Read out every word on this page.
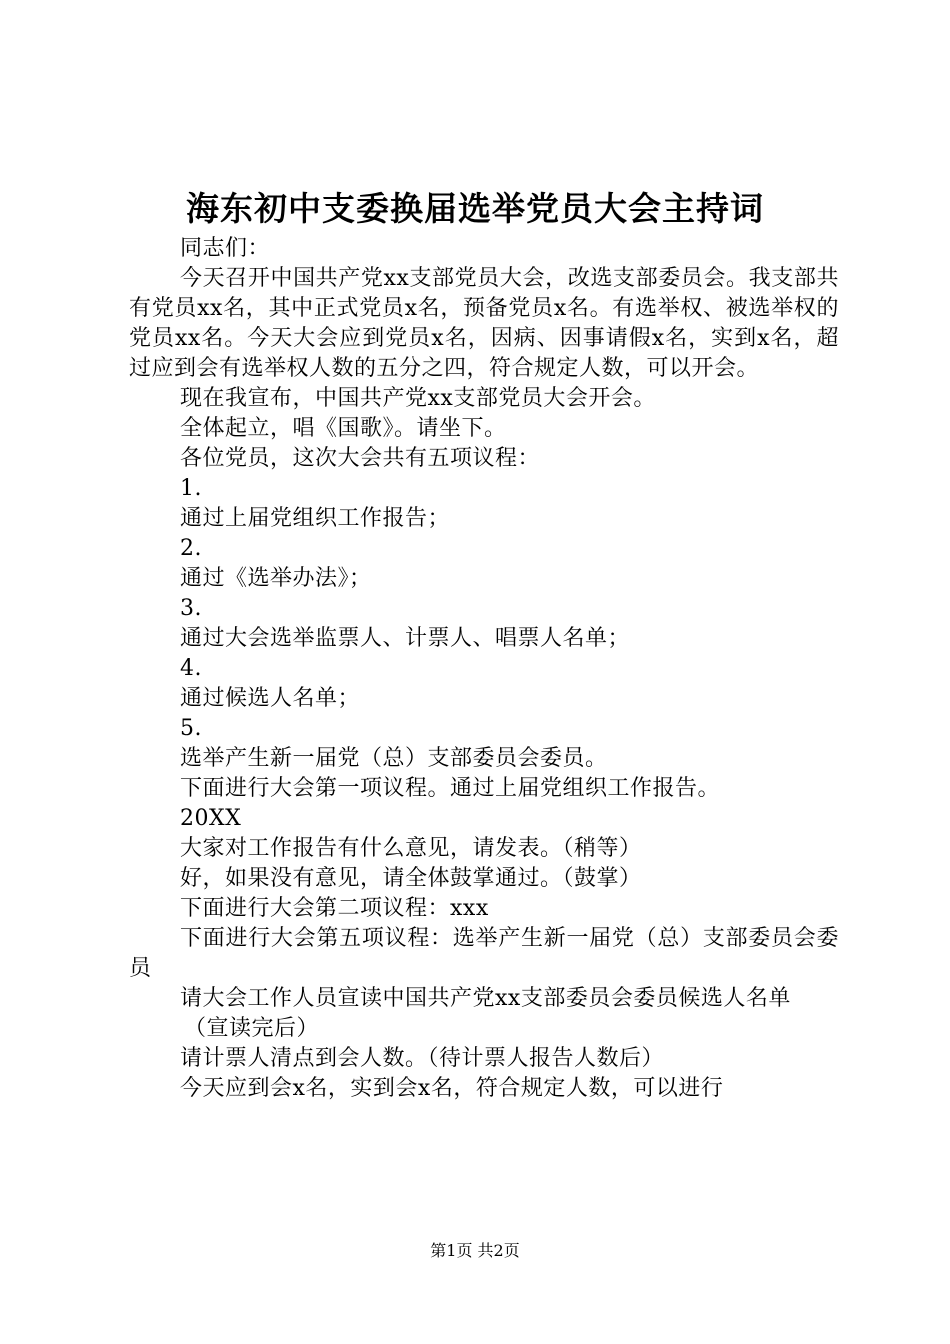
海东初中支委换届选举党员大会主持词

同志们：

今天召开中国共产党xx支部党员大会，改选支部委员会。我支部共有党员xx名，其中正式党员x名，预备党员x名。有选举权、被选举权的党员xx名。今天大会应到党员x名，因病、因事请假x名，实到x名，超过应到会有选举权人数的五分之四，符合规定人数，可以开会。

现在我宣布，中国共产党xx支部党员大会开会。

全体起立，唱《国歌》。请坐下。

各位党员，这次大会共有五项议程：

1.

通过上届党组织工作报告；

2.

通过《选举办法》；

3.

通过大会选举监票人、计票人、唱票人名单；

4.

通过候选人名单；

5.

选举产生新一届党（总）支部委员会委员。

下面进行大会第一项议程。通过上届党组织工作报告。

20XX

大家对工作报告有什么意见，请发表。（稍等）

好，如果没有意见，请全体鼓掌通过。（鼓掌）

下面进行大会第二项议程：xxx

下面进行大会第五项议程：选举产生新一届党（总）支部委员会委员

请大会工作人员宣读中国共产党xx支部委员会委员候选人名单

（宣读完后）

请计票人清点到会人数。（待计票人报告人数后）

今天应到会x名，实到会x名，符合规定人数，可以进行

第1页 共2页
